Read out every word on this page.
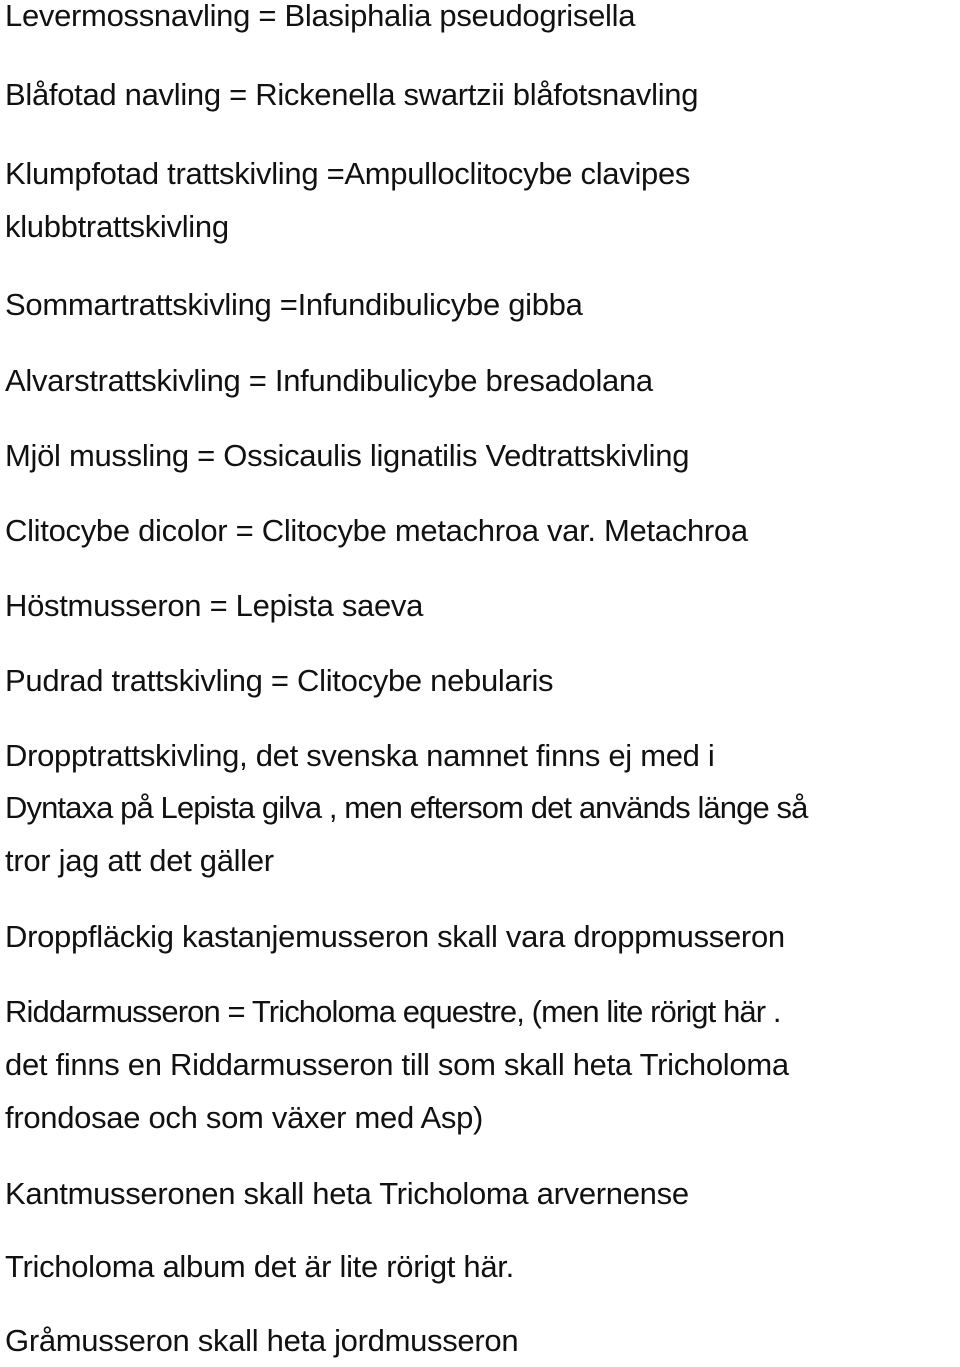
Levermossnavling = Blasiphalia pseudogrisella

Blåfotad navling = Rickenella swartzii blåfotsnavling

Klumpfotad trattskivling =Ampulloclitocybe clavipes

klubbtrattskivling

Sommartrattskivling =Infundibulicybe gibba

Alvarstrattskivling = Infundibulicybe bresadolana

Mjöl mussling = Ossicaulis lignatilis Vedtrattskivling

Clitocybe dicolor = Clitocybe metachroa var. Metachroa

Höstmusseron = Lepista saeva

Pudrad trattskivling = Clitocybe nebularis

Dropptrattskivling, det svenska namnet finns ej med i

Dyntaxa på Lepista gilva , men eftersom det används länge så

tror jag att det gäller

Droppfläckig kastanjemusseron skall vara droppmusseron

Riddarmusseron = Tricholoma equestre, (men lite rörigt här .

det finns en Riddarmusseron till som skall heta Tricholoma

frondosae och som växer med Asp)

Kantmusseronen skall heta Tricholoma arvernense

Tricholoma album det är lite rörigt här.

Gråmusseron skall heta jordmusseron
